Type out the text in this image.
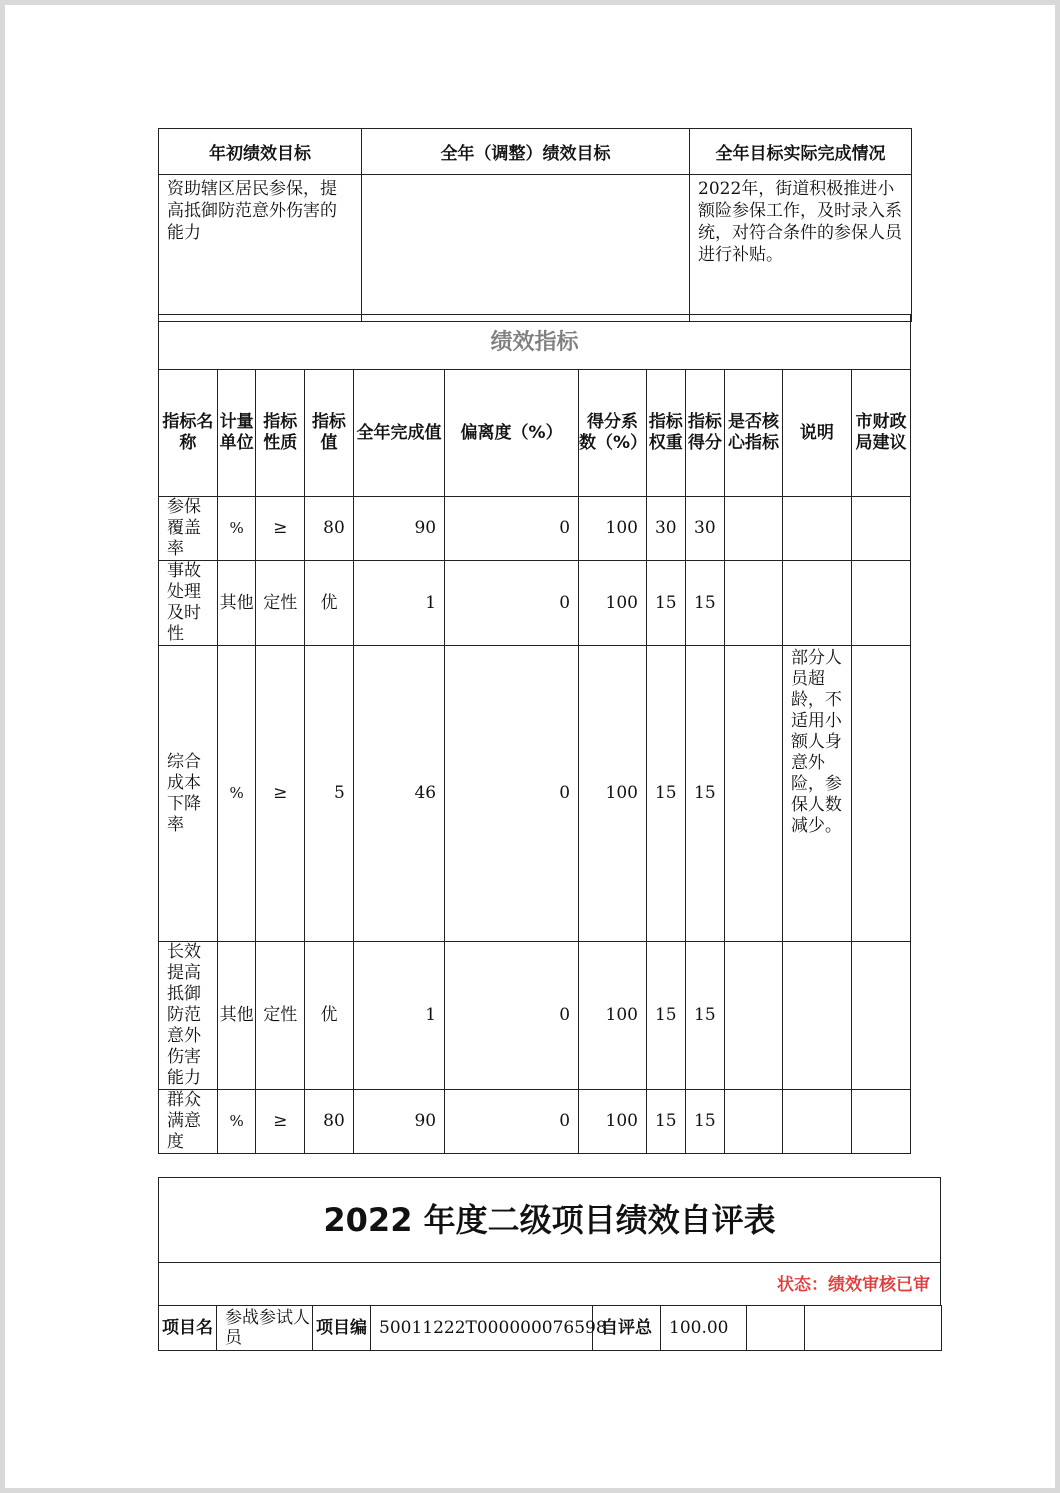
年初绩效目标	全年（调整）绩效目标	全年目标实际完成情况
资助辖区居民参保，提高抵御防范意外伤害的能力		2022年，街道积极推进小额险参保工作，及时录入系统，对符合条件的参保人员进行补贴。
绩效指标											
指标名称	计量单位	指标性质	指标值	全年完成值	偏离度（%）	得分系数（%）	指标权重	指标得分	是否核心指标	说明	市财政局建议
参保覆盖率	%	≥	80	90	0	100	30	30			
事故处理及时性	其他	定性	优	1	0	100	15	15			
综合成本下降率	%	≥	5	46	0	100	15	15		部分人员超龄，不适用小额人身意外险，参保人数减少。	
长效提高抵御防范意外伤害能力	其他	定性	优	1	0	100	15	15			
群众满意度	%	≥	80	90	0	100	15	15			
2022 年度二级项目绩效自评表
状态：绩效审核已审
项目名	参战参试人员	项目编	50011222T000000076598	自评总	100.00		
